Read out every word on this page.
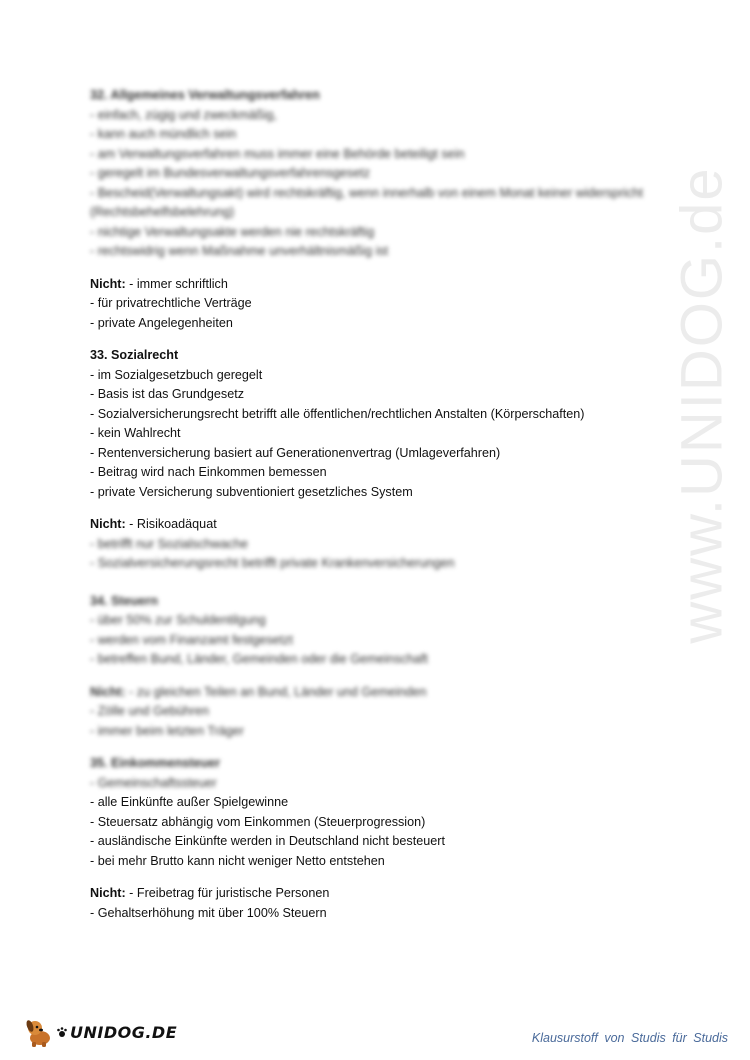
www.UNIDOG.de
32. Allgemeines Verwaltungsverfahren
- einfach, zügig und zweckmäßig,
- kann auch mündlich sein
- am Verwaltungsverfahren muss immer eine Behörde beteiligt sein
- geregelt im Bundesverwaltungsverfahrensgesetz
- Bescheid(Verwaltungsakt) wird rechtskräftig, wenn innerhalb von einem Monat keiner widerspricht
(Rechtsbehelfsbelehrung)
- nichtige Verwaltungsakte werden nie rechtskräftig
- rechtswidrig wenn Maßnahme unverhältnismäßig ist
Nicht: - immer schriftlich
- für privatrechtliche Verträge
- private Angelegenheiten
33. Sozialrecht
- im Sozialgesetzbuch geregelt
- Basis ist das Grundgesetz
- Sozialversicherungsrecht betrifft alle öffentlichen/rechtlichen Anstalten (Körperschaften)
- kein Wahlrecht
- Rentenversicherung basiert auf Generationenvertrag (Umlageverfahren)
- Beitrag wird nach Einkommen bemessen
- private Versicherung subventioniert gesetzliches System
Nicht: - Risikoadäquat
- betrifft nur Sozialschwache
- Sozialversicherungsrecht betrifft private Krankenversicherungen
34. Steuern
- über 50% zur Schuldentilgung
- werden vom Finanzamt festgesetzt
- betreffen Bund, Länder, Gemeinden oder die Gemeinschaft
Nicht: - zu gleichen Teilen an Bund, Länder und Gemeinden
- Zölle und Gebühren
- immer beim letzten Träger
35. Einkommensteuer
- Gemeinschaftssteuer
- alle Einkünfte außer Spielgewinne
- Steuersatz abhängig vom Einkommen (Steuerprogression)
- ausländische Einkünfte werden in Deutschland nicht besteuert
- bei mehr Brutto kann nicht weniger Netto entstehen
Nicht: - Freibetrag für juristische Personen
- Gehaltserhöhung mit über 100% Steuern
UNIDOG.DE	Klausurstoff von Studis für Studis
